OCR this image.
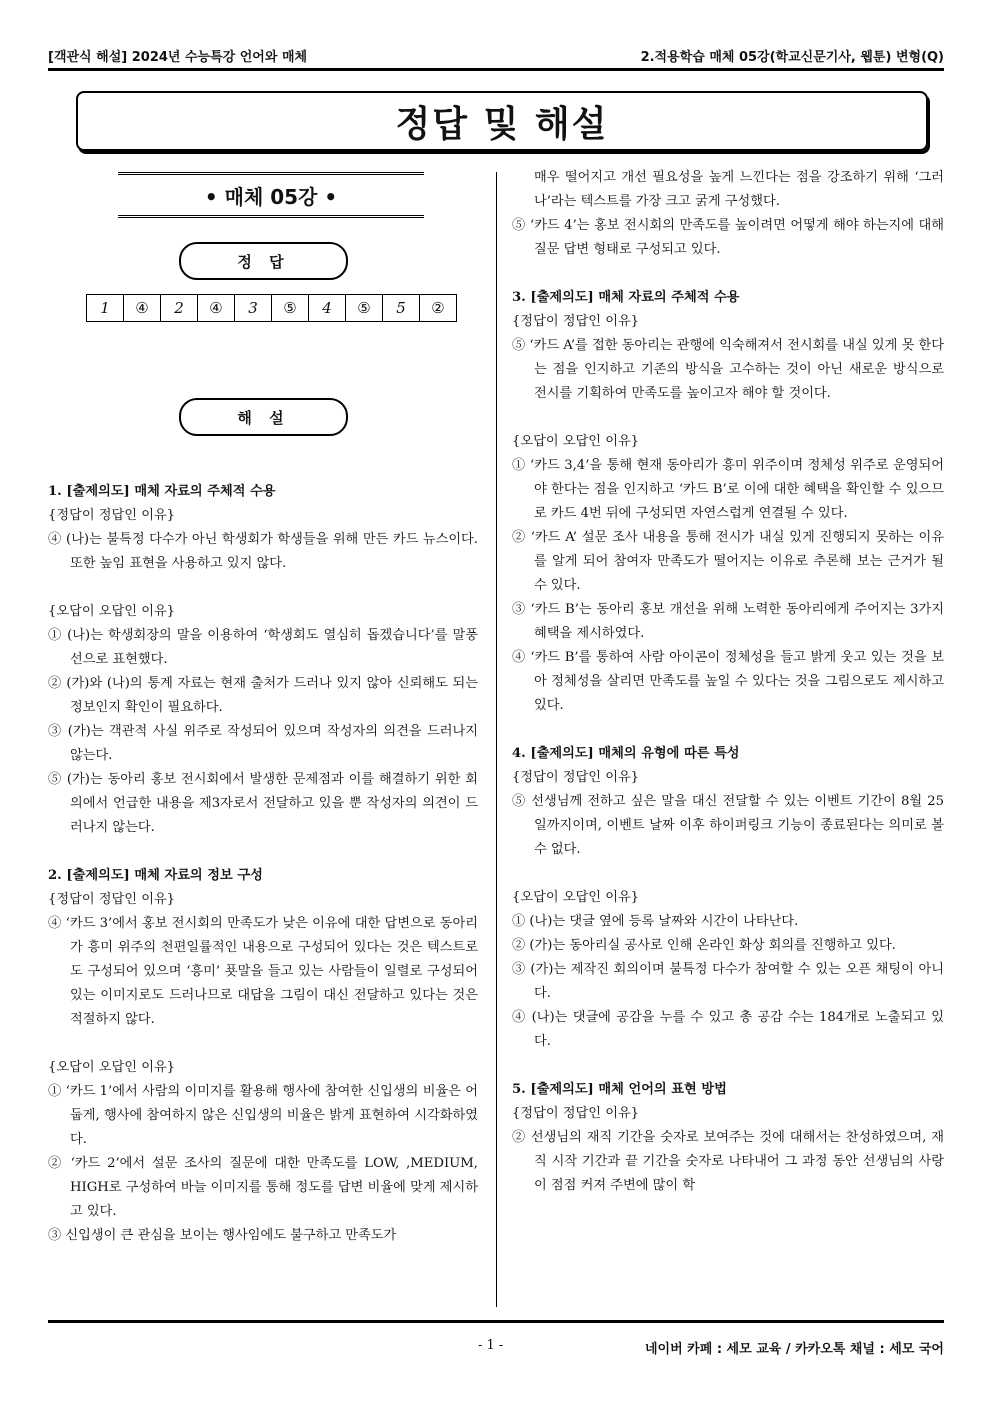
[객관식 해설] 2024년 수능특강 언어와 매체	2.적용학습 매체 05강(학교신문기사, 웹툰) 변형(Q)
정답 및 해설
• 매체 05강 •
정 답
1	④	2	④	3	⑤	4	⑤	5	②
해 설

1. [출제의도] 매체 자료의 주체적 수용

{정답이 정답인 이유}

④ (나)는 불특정 다수가 아닌 학생회가 학생들을 위해 만든 카드 뉴스이다. 또한 높임 표현을 사용하고 있지 않다.

{오답이 오답인 이유}

① (나)는 학생회장의 말을 이용하여 ‘학생회도 열심히 돕겠습니다’를 말풍선으로 표현했다.

② (가)와 (나)의 통계 자료는 현재 출처가 드러나 있지 않아 신뢰해도 되는 정보인지 확인이 필요하다.

③ (가)는 객관적 사실 위주로 작성되어 있으며 작성자의 의견을 드러나지 않는다.

⑤ (가)는 동아리 홍보 전시회에서 발생한 문제점과 이를 해결하기 위한 회의에서 언급한 내용을 제3자로서 전달하고 있을 뿐 작성자의 의견이 드러나지 않는다.

2. [출제의도] 매체 자료의 정보 구성

{정답이 정답인 이유}

④ ‘카드 3’에서 홍보 전시회의 만족도가 낮은 이유에 대한 답변으로 동아리가 흥미 위주의 천편일률적인 내용으로 구성되어 있다는 것은 텍스트로도 구성되어 있으며 ‘흥미’ 푯말을 들고 있는 사람들이 일렬로 구성되어있는 이미지로도 드러나므로 대답을 그림이 대신 전달하고 있다는 것은 적절하지 않다.

{오답이 오답인 이유}

① ‘카드 1’에서 사람의 이미지를 활용해 행사에 참여한 신입생의 비율은 어둡게, 행사에 참여하지 않은 신입생의 비율은 밝게 표현하여 시각화하였다.

② ‘카드 2’에서 설문 조사의 질문에 대한 만족도를 LOW, ,MEDIUM, HIGH로 구성하여 바늘 이미지를 통해 정도를 답변 비율에 맞게 제시하고 있다.

③ 신입생이 큰 관심을 보이는 행사임에도 불구하고 만족도가

매우 떨어지고 개선 필요성을 높게 느낀다는 점을 강조하기 위해 ‘그러나’라는 텍스트를 가장 크고 굵게 구성했다.

⑤ ‘카드 4’는 홍보 전시회의 만족도를 높이려면 어떻게 해야 하는지에 대해 질문 답변 형태로 구성되고 있다.

3. [출제의도] 매체 자료의 주체적 수용

{정답이 정답인 이유}

⑤ ‘카드 A’를 접한 동아리는 관행에 익숙해져서 전시회를 내실 있게 못 한다는 점을 인지하고 기존의 방식을 고수하는 것이 아닌 새로운 방식으로 전시를 기획하여 만족도를 높이고자 해야 할 것이다.

{오답이 오답인 이유}

① ‘카드 3,4’을 통해 현재 동아리가 흥미 위주이며 정체성 위주로 운영되어야 한다는 점을 인지하고 ‘카드 B’로 이에 대한 혜택을 확인할 수 있으므로 카드 4번 뒤에 구성되면 자연스럽게 연결될 수 있다.

② ‘카드 A’ 설문 조사 내용을 통해 전시가 내실 있게 진행되지 못하는 이유를 알게 되어 참여자 만족도가 떨어지는 이유로 추론해 보는 근거가 될 수 있다.

③ ‘카드 B’는 동아리 홍보 개선을 위해 노력한 동아리에게 주어지는 3가지 혜택을 제시하였다.

④ ‘카드 B’를 통하여 사람 아이콘이 정체성을 들고 밝게 웃고 있는 것을 보아 정체성을 살리면 만족도를 높일 수 있다는 것을 그림으로도 제시하고 있다.

4. [출제의도] 매체의 유형에 따른 특성

{정답이 정답인 이유}

⑤ 선생님께 전하고 싶은 말을 대신 전달할 수 있는 이벤트 기간이 8월 25일까지이며, 이벤트 날짜 이후 하이퍼링크 기능이 종료된다는 의미로 볼 수 없다.

{오답이 오답인 이유}

① (나)는 댓글 옆에 등록 날짜와 시간이 나타난다.

② (가)는 동아리실 공사로 인해 온라인 화상 회의를 진행하고 있다.

③ (가)는 제작진 회의이며 불특정 다수가 참여할 수 있는 오픈 채팅이 아니다.

④ (나)는 댓글에 공감을 누를 수 있고 총 공감 수는 184개로 노출되고 있다.

5. [출제의도] 매체 언어의 표현 방법

{정답이 정답인 이유}

② 선생님의 재직 기간을 숫자로 보여주는 것에 대해서는 찬성하였으며, 재직 시작 기간과 끝 기간을 숫자로 나타내어 그 과정 동안 선생님의 사랑이 점점 커져 주변에 많이 학

- 1 -	네이버 카페 : 세모 교육 / 카카오톡 채널 : 세모 국어
